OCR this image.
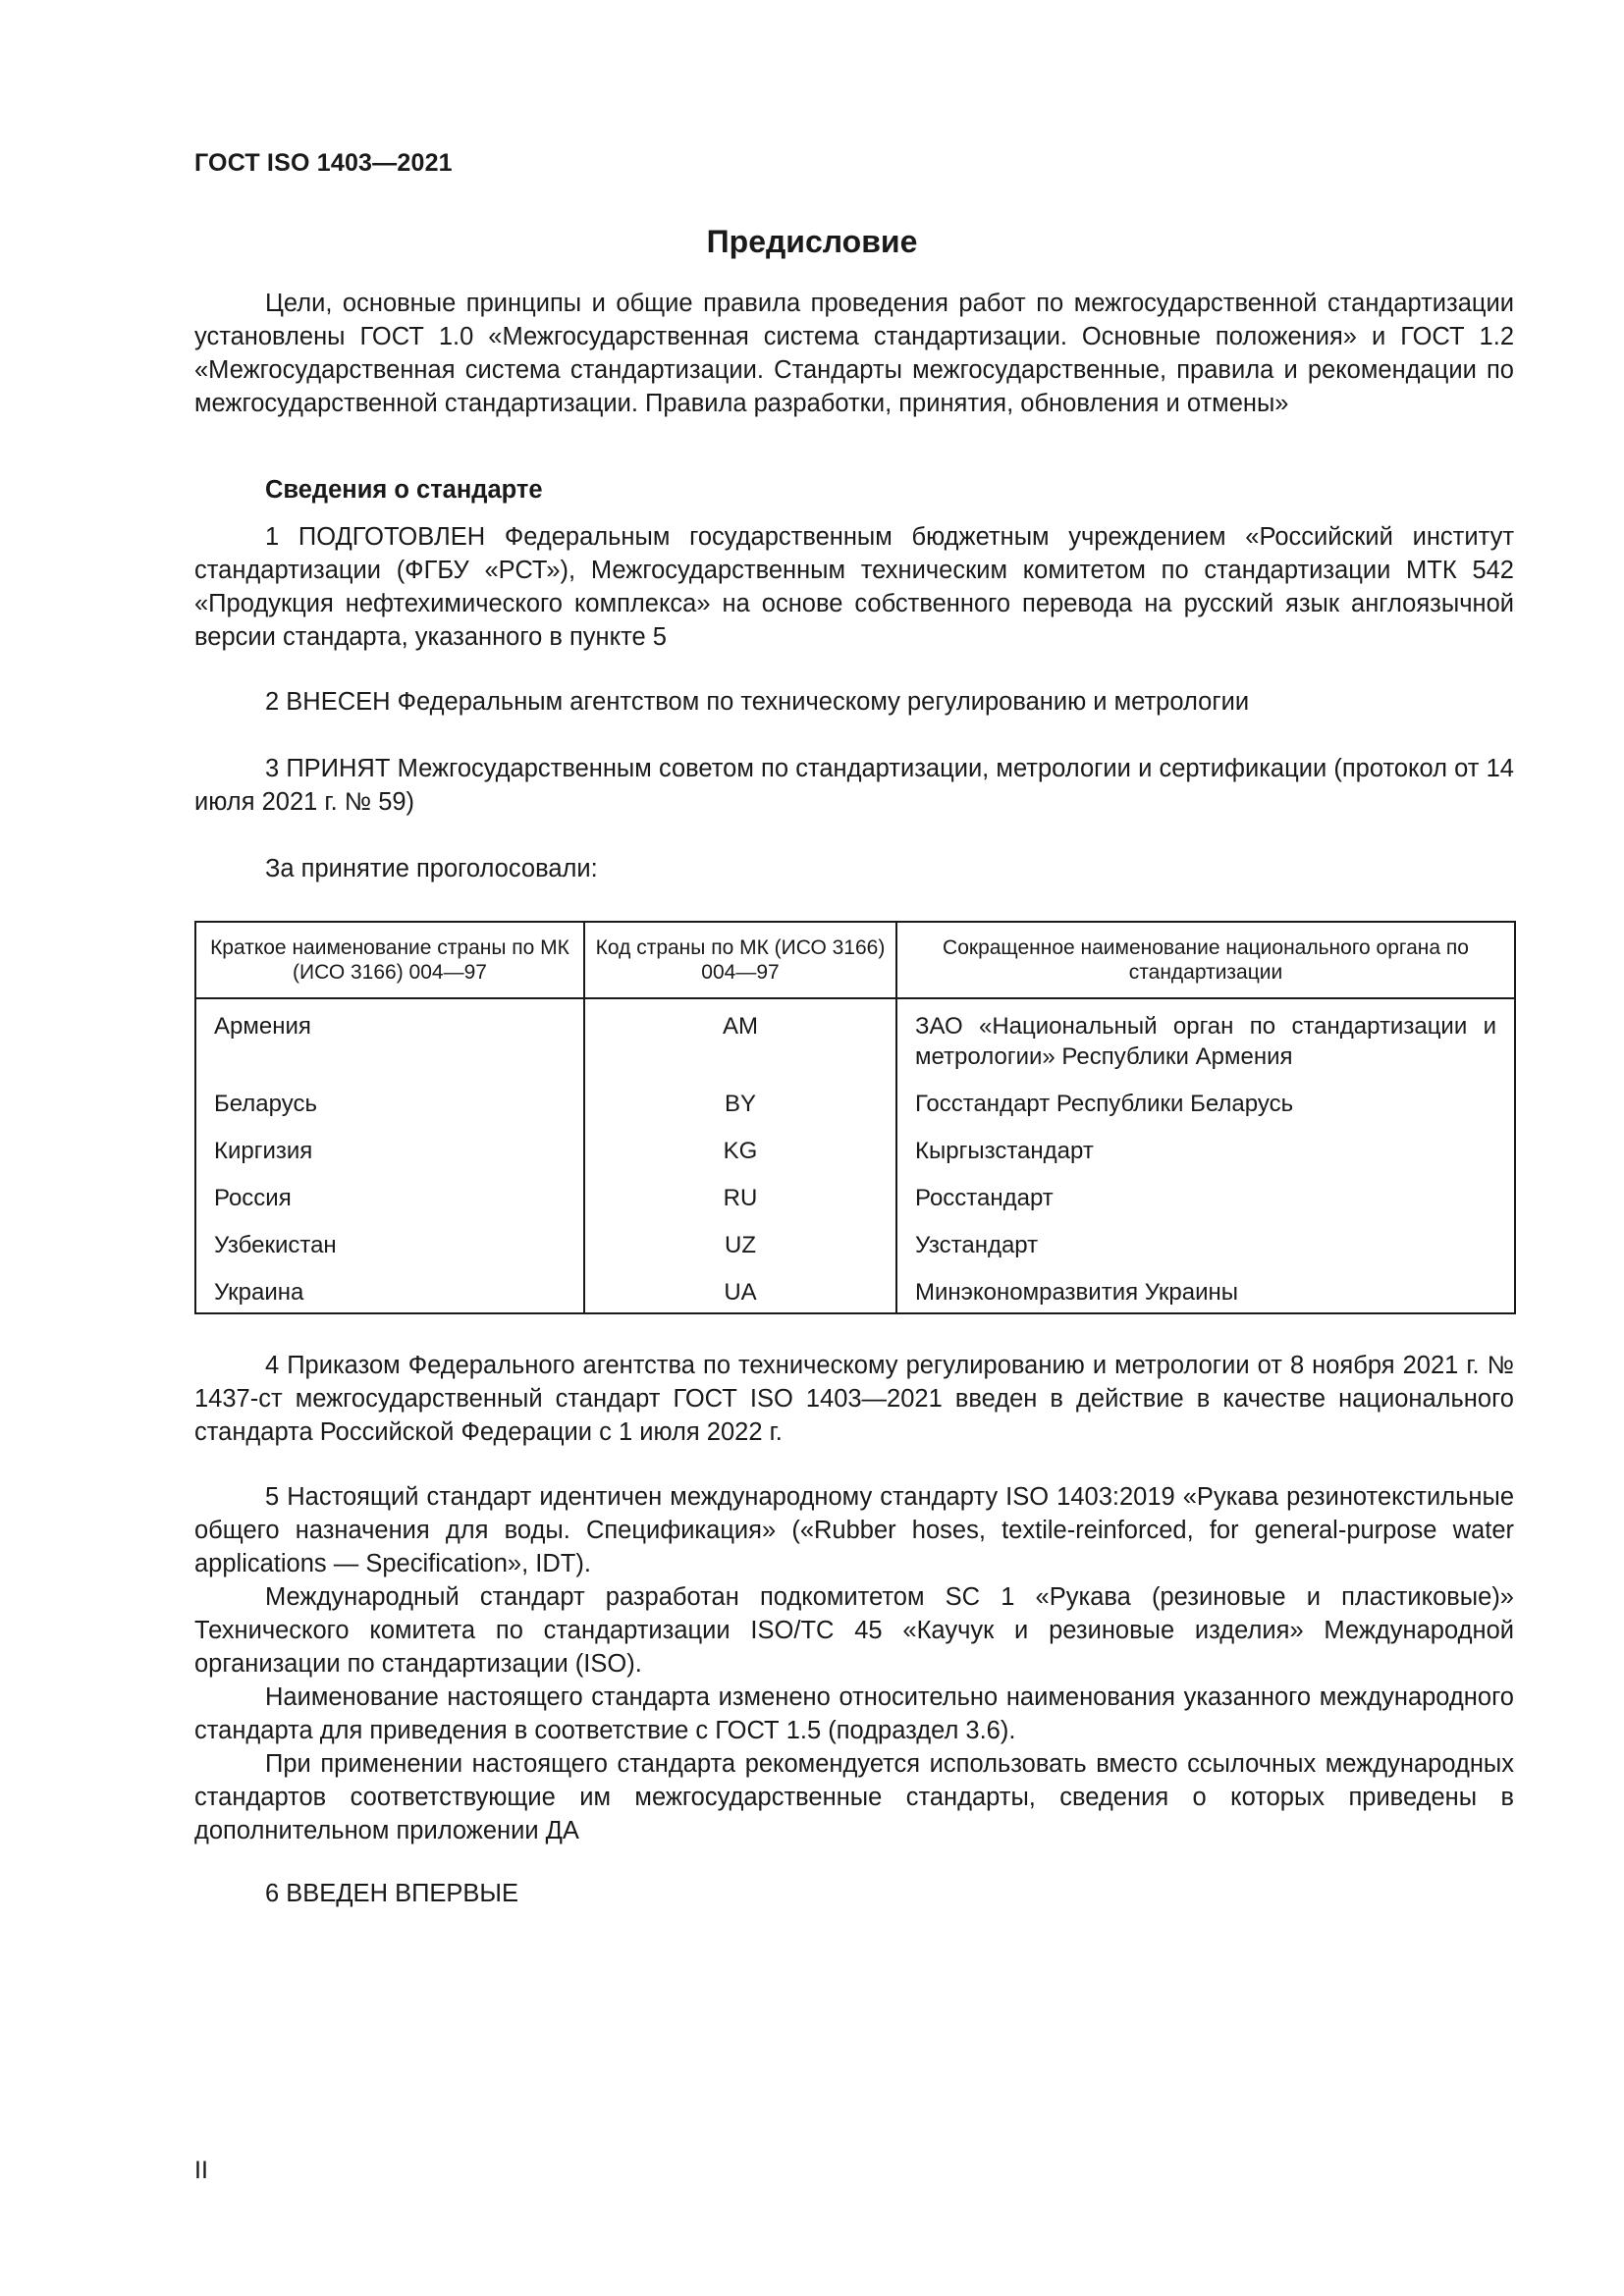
ГОСТ ISO 1403—2021
Предисловие

Цели, основные принципы и общие правила проведения работ по межгосударственной стандартизации установлены ГОСТ 1.0 «Межгосударственная система стандартизации. Основные положения» и ГОСТ 1.2 «Межгосударственная система стандартизации. Стандарты межгосударственные, правила и рекомендации по межгосударственной стандартизации. Правила разработки, принятия, обновления и отмены»

Сведения о стандарте

1 ПОДГОТОВЛЕН Федеральным государственным бюджетным учреждением «Российский институт стандартизации (ФГБУ «РСТ»), Межгосударственным техническим комитетом по стандартизации МТК 542 «Продукция нефтехимического комплекса» на основе собственного перевода на русский язык англоязычной версии стандарта, указанного в пункте 5

2 ВНЕСЕН Федеральным агентством по техническому регулированию и метрологии

3 ПРИНЯТ Межгосударственным советом по стандартизации, метрологии и сертификации (протокол от 14 июля 2021 г. № 59)

За принятие проголосовали:

Краткое наименование страны по МК (ИСО 3166) 004—97	Код страны по МК (ИСО 3166) 004—97	Сокращенное наименование национального органа по стандартизации
Армения	AM	ЗАО «Национальный орган по стандартизации и метрологии» Республики Армения
Беларусь	BY	Госстандарт Республики Беларусь
Киргизия	KG	Кыргызстандарт
Россия	RU	Росстандарт
Узбекистан	UZ	Узстандарт
Украина	UA	Минэкономразвития Украины

4 Приказом Федерального агентства по техническому регулированию и метрологии от 8 ноября 2021 г. № 1437-ст межгосударственный стандарт ГОСТ ISO 1403—2021 введен в действие в качестве национального стандарта Российской Федерации с 1 июля 2022 г.

5 Настоящий стандарт идентичен международному стандарту ISO 1403:2019 «Рукава резинотекстильные общего назначения для воды. Спецификация» («Rubber hoses, textile-reinforced, for general-purpose water applications — Specification», IDT).

Международный стандарт разработан подкомитетом SC 1 «Рукава (резиновые и пластиковые)» Технического комитета по стандартизации ISO/TC 45 «Каучук и резиновые изделия» Международной организации по стандартизации (ISO).

Наименование настоящего стандарта изменено относительно наименования указанного международного стандарта для приведения в соответствие с ГОСТ 1.5 (подраздел 3.6).

При применении настоящего стандарта рекомендуется использовать вместо ссылочных международных стандартов соответствующие им межгосударственные стандарты, сведения о которых приведены в дополнительном приложении ДА

6 ВВЕДЕН ВПЕРВЫЕ

II
